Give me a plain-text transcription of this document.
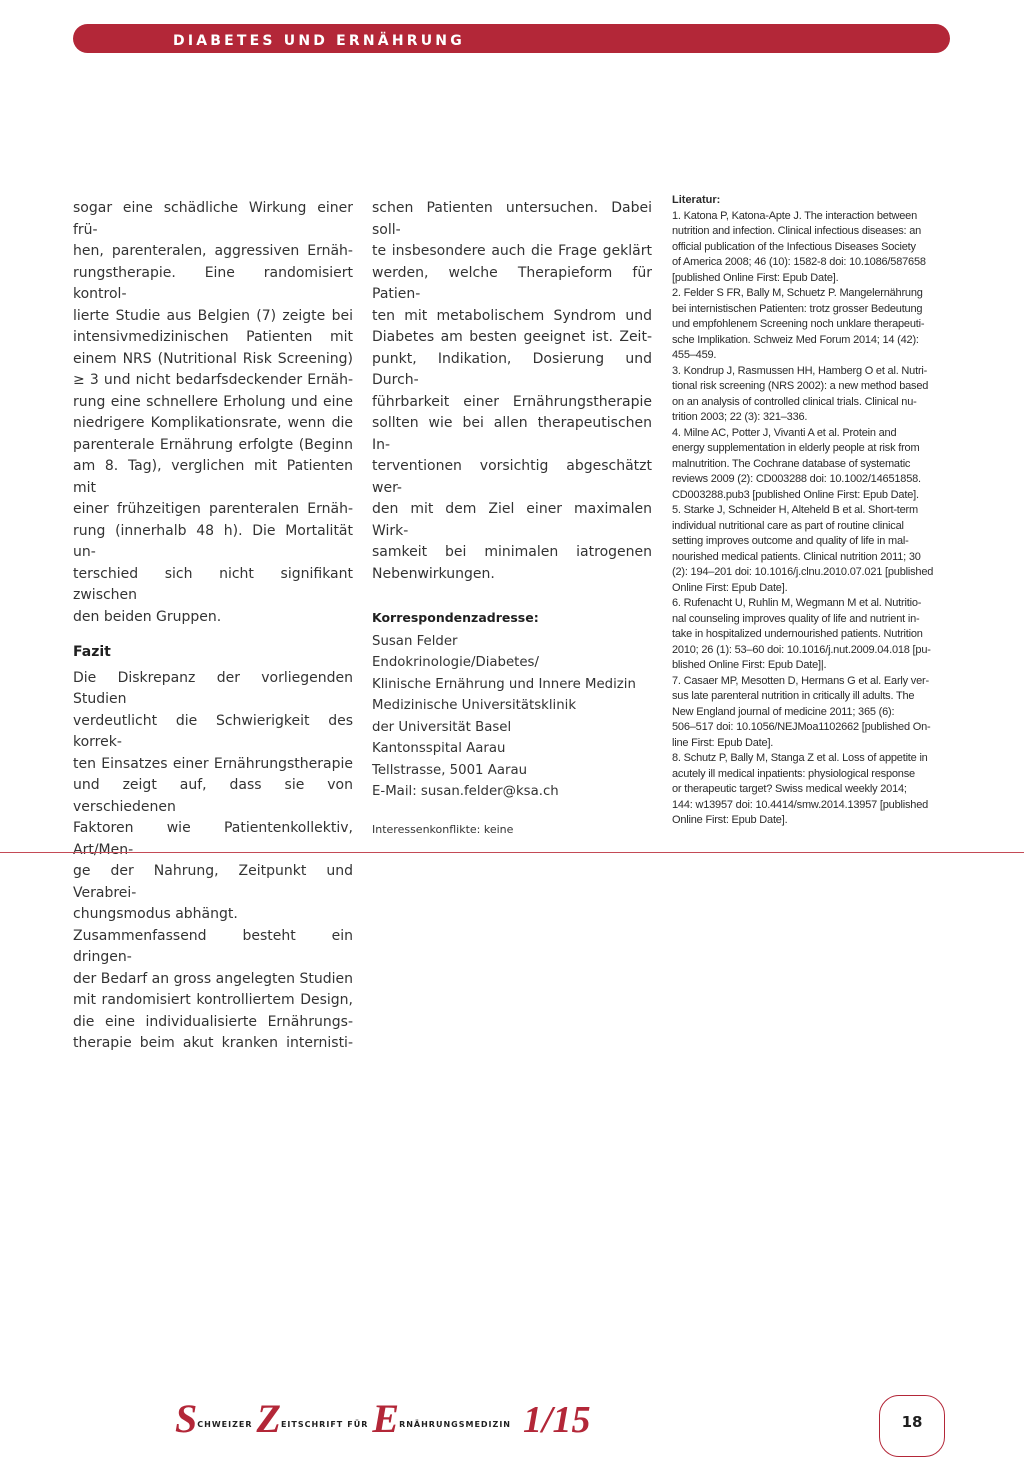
DIABETES UND ERNÄHRUNG
sogar eine schädliche Wirkung einer frü-
hen, parenteralen, aggressiven Ernäh-
rungstherapie. Eine randomisiert kontrol-
lierte Studie aus Belgien (7) zeigte bei
intensivmedizinischen Patienten mit
einem NRS (Nutritional Risk Screening)
≥ 3 und nicht bedarfsdeckender Ernäh-
rung eine schnellere Erholung und eine
niedrigere Komplikationsrate, wenn die
parenterale Ernährung erfolgte (Beginn
am 8. Tag), verglichen mit Patienten mit
einer frühzeitigen parenteralen Ernäh-
rung (innerhalb 48 h). Die Mortalität un-
terschied sich nicht signifikant zwischen
den beiden Gruppen.
Fazit
Die Diskrepanz der vorliegenden Studien
verdeutlicht die Schwierigkeit des korrek-
ten Einsatzes einer Ernährungstherapie
und zeigt auf, dass sie von verschiedenen
Faktoren wie Patientenkollektiv, Art/Men-
ge der Nahrung, Zeitpunkt und Verabrei-
chungsmodus abhängt.
Zusammenfassend besteht ein dringen-
der Bedarf an gross angelegten Studien
mit randomisiert kontrolliertem Design,
die eine individualisierte Ernährungs-
therapie beim akut kranken internisti-
schen Patienten untersuchen. Dabei soll-
te insbesondere auch die Frage geklärt
werden, welche Therapieform für Patien-
ten mit metabolischem Syndrom und
Diabetes am besten geeignet ist. Zeit-
punkt, Indikation, Dosierung und Durch-
führbarkeit einer Ernährungstherapie
sollten wie bei allen therapeutischen In-
terventionen vorsichtig abgeschätzt wer-
den mit dem Ziel einer maximalen Wirk-
samkeit bei minimalen iatrogenen
Nebenwirkungen.
Korrespondenzadresse:
Susan Felder
Endokrinologie/Diabetes/
Klinische Ernährung und Innere Medizin
Medizinische Universitätsklinik
der Universität Basel
Kantonsspital Aarau
Tellstrasse, 5001 Aarau
E-Mail: susan.felder@ksa.ch
Interessenkonflikte: keine
Literatur:
1. Katona P, Katona-Apte J. The interaction between
nutrition and infection. Clinical infectious diseases: an
official publication of the Infectious Diseases Society
of America 2008; 46 (10): 1582-8 doi: 10.1086/587658
[published Online First: Epub Date].
2. Felder S FR, Bally M, Schuetz P. Mangelernährung
bei internistischen Patienten: trotz grosser Bedeutung
und empfohlenem Screening noch unklare therapeuti-
sche Implikation. Schweiz Med Forum 2014; 14 (42):
455–459.
3. Kondrup J, Rasmussen HH, Hamberg O et al. Nutri-
tional risk screening (NRS 2002): a new method based
on an analysis of controlled clinical trials. Clinical nu-
trition 2003; 22 (3): 321–336.
4. Milne AC, Potter J, Vivanti A et al. Protein and
energy supplementation in elderly people at risk from
malnutrition. The Cochrane database of systematic
reviews 2009 (2): CD003288 doi: 10.1002/14651858.
CD003288.pub3 [published Online First: Epub Date].
5. Starke J, Schneider H, Alteheld B et al. Short-term
individual nutritional care as part of routine clinical
setting improves outcome and quality of life in mal-
nourished medical patients. Clinical nutrition 2011; 30
(2): 194–201 doi: 10.1016/j.clnu.2010.07.021 [published
Online First: Epub Date].
6. Rufenacht U, Ruhlin M, Wegmann M et al. Nutritio-
nal counseling improves quality of life and nutrient in-
take in hospitalized undernourished patients. Nutrition
2010; 26 (1): 53–60 doi: 10.1016/j.nut.2009.04.018 [pu-
blished Online First: Epub Date]|.
7. Casaer MP, Mesotten D, Hermans G et al. Early ver-
sus late parenteral nutrition in critically ill adults. The
New England journal of medicine 2011; 365 (6):
506–517 doi: 10.1056/NEJMoa1102662 [published On-
line First: Epub Date].
8. Schutz P, Bally M, Stanga Z et al. Loss of appetite in
acutely ill medical inpatients: physiological response
or therapeutic target? Swiss medical weekly 2014;
144: w13957 doi: 10.4414/smw.2014.13957 [published
Online First: Epub Date].
$S^{CHWEIZER}$ $Z^{EITSCHRIFT}$ $^{FÜR}$ $E^{RNÄHRUNGSMEDIZIN}$ 1/15	18
